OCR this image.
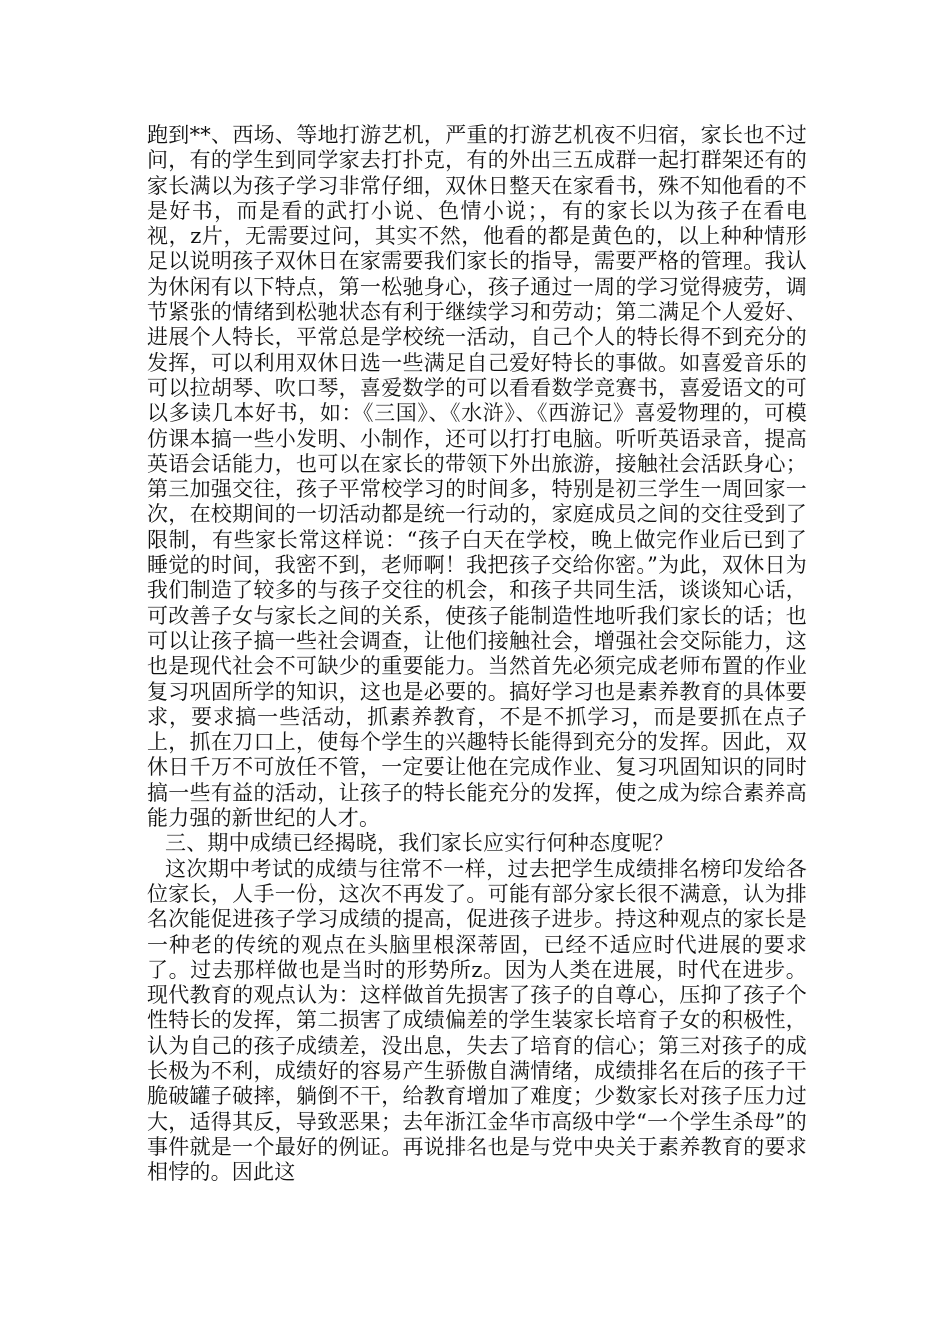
跑到**、西场、等地打游艺机，严重的打游艺机夜不归宿，家长也不过问，有的学生到同学家去打扑克，有的外出三五成群一起打群架还有的家长满以为孩子学习非常仔细，双休日整天在家看书，殊不知他看的不是好书，而是看的武打小说、色情小说；，有的家长以为孩子在看电视，z片，无需要过问，其实不然，他看的都是黄色的，以上种种情形足以说明孩子双休日在家需要我们家长的指导，需要严格的管理。我认为休闲有以下特点，第一松驰身心，孩子通过一周的学习觉得疲劳，调节紧张的情绪到松驰状态有利于继续学习和劳动；第二满足个人爱好、进展个人特长，平常总是学校统一活动，自己个人的特长得不到充分的发挥，可以利用双休日选一些满足自己爱好特长的事做。如喜爱音乐的可以拉胡琴、吹口琴，喜爱数学的可以看看数学竞赛书，喜爱语文的可以多读几本好书，如：《三国》、《水浒》、《西游记》喜爱物理的，可模仿课本搞一些小发明、小制作，还可以打打电脑。听听英语录音，提高英语会话能力，也可以在家长的带领下外出旅游，接触社会活跃身心；第三加强交往，孩子平常校学习的时间多，特别是初三学生一周回家一次，在校期间的一切活动都是统一行动的，家庭成员之间的交往受到了限制，有些家长常这样说：“孩子白天在学校，晚上做完作业后已到了睡觉的时间，我密不到，老师啊！我把孩子交给你密。”为此，双休日为我们制造了较多的与孩子交往的机会，和孩子共同生活，谈谈知心话，可改善子女与家长之间的关系，使孩子能制造性地听我们家长的话；也可以让孩子搞一些社会调查，让他们接触社会，增强社会交际能力，这也是现代社会不可缺少的重要能力。当然首先必须完成老师布置的作业复习巩固所学的知识，这也是必要的。搞好学习也是素养教育的具体要求，要求搞一些活动，抓素养教育，不是不抓学习，而是要抓在点子上，抓在刀口上，使每个学生的兴趣特长能得到充分的发挥。因此，双休日千万不可放任不管，一定要让他在完成作业、复习巩固知识的同时搞一些有益的活动，让孩子的特长能充分的发挥，使之成为综合素养高能力强的新世纪的人才。

三、期中成绩已经揭晓，我们家长应实行何种态度呢？

这次期中考试的成绩与往常不一样，过去把学生成绩排名榜印发给各位家长，人手一份，这次不再发了。可能有部分家长很不满意，认为排名次能促进孩子学习成绩的提高，促进孩子进步。持这种观点的家长是一种老的传统的观点在头脑里根深蒂固，已经不适应时代进展的要求了。过去那样做也是当时的形势所z。因为人类在进展，时代在进步。现代教育的观点认为：这样做首先损害了孩子的自尊心，压抑了孩子个性特长的发挥，第二损害了成绩偏差的学生装家长培育子女的积极性，认为自己的孩子成绩差，没出息，失去了培育的信心；第三对孩子的成长极为不利，成绩好的容易产生骄傲自满情绪，成绩排名在后的孩子干脆破罐子破摔，躺倒不干，给教育增加了难度；少数家长对孩子压力过大，适得其反，导致恶果；去年浙江金华市高级中学“一个学生杀母”的事件就是一个最好的例证。再说排名也是与党中央关于素养教育的要求相悖的。因此这
